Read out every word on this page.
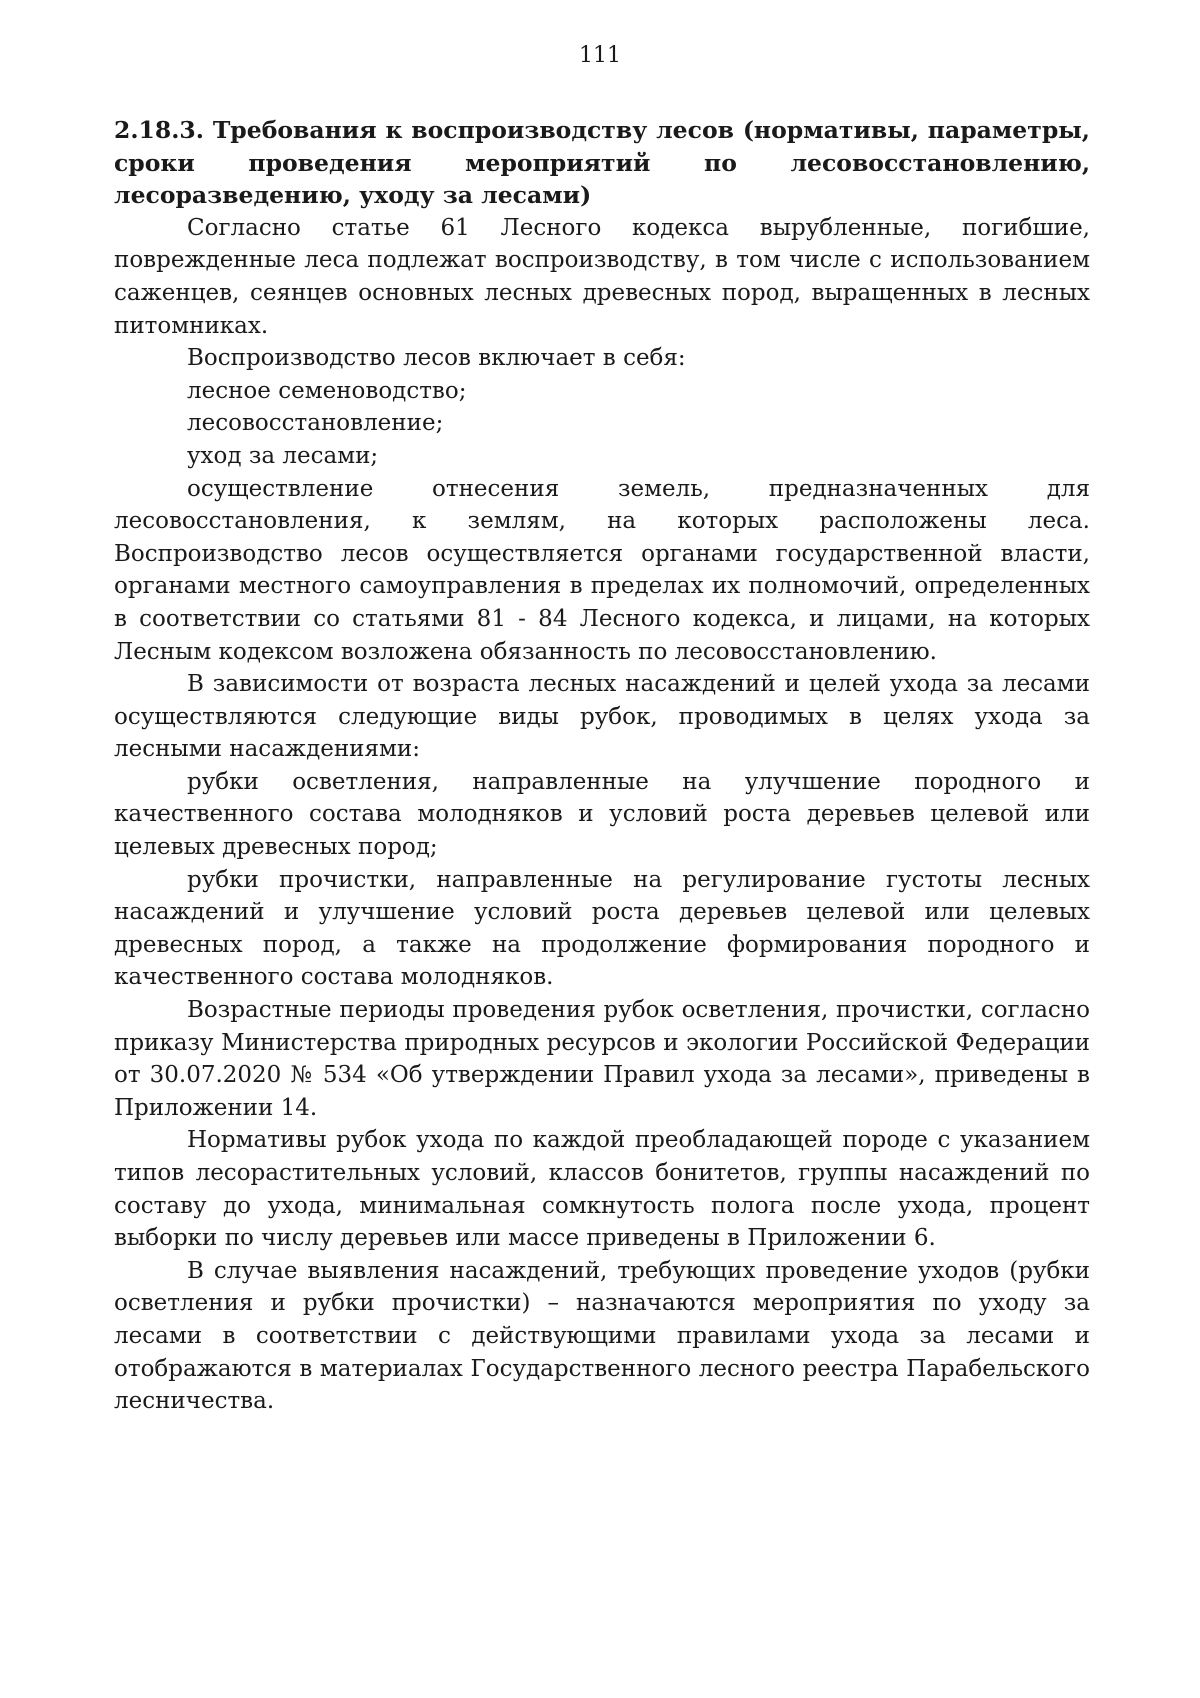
111

2.18.3. Требования к воспроизводству лесов (нормативы, параметры, сроки проведения мероприятий по лесовосстановлению, лесоразведению, уходу за лесами)

Согласно статье 61 Лесного кодекса вырубленные, погибшие, поврежденные леса подлежат воспроизводству, в том числе с использованием саженцев, сеянцев основных лесных древесных пород, выращенных в лесных питомниках.

Воспроизводство лесов включает в себя:

лесное семеноводство;

лесовосстановление;

уход за лесами;

осуществление отнесения земель, предназначенных для лесовосстановления, к землям, на которых расположены леса. Воспроизводство лесов осуществляется органами государственной власти, органами местного самоуправления в пределах их полномочий, определенных в соответствии со статьями 81 - 84 Лесного кодекса, и лицами, на которых Лесным кодексом возложена обязанность по лесовосстановлению.

В зависимости от возраста лесных насаждений и целей ухода за лесами осуществляются следующие виды рубок, проводимых в целях ухода за лесными насаждениями:

рубки осветления, направленные на улучшение породного и качественного состава молодняков и условий роста деревьев целевой или целевых древесных пород;

рубки прочистки, направленные на регулирование густоты лесных насаждений и улучшение условий роста деревьев целевой или целевых древесных пород, а также на продолжение формирования породного и качественного состава молодняков.

Возрастные периоды проведения рубок осветления, прочистки, согласно приказу Министерства природных ресурсов и экологии Российской Федерации от 30.07.2020 № 534 «Об утверждении Правил ухода за лесами», приведены в Приложении 14.

Нормативы рубок ухода по каждой преобладающей породе с указанием типов лесорастительных условий, классов бонитетов, группы насаждений по составу до ухода, минимальная сомкнутость полога после ухода, процент выборки по числу деревьев или массе приведены в Приложении 6.

В случае выявления насаждений, требующих проведение уходов (рубки осветления и рубки прочистки) – назначаются мероприятия по уходу за лесами в соответствии с действующими правилами ухода за лесами и отображаются в материалах Государственного лесного реестра Парабельского лесничества.
